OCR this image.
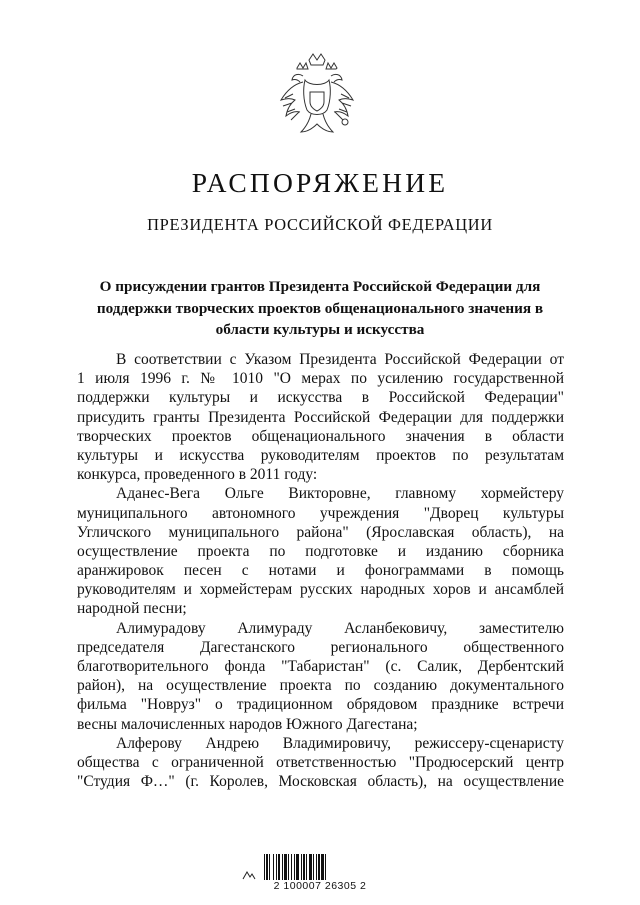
РАСПОРЯЖЕНИЕ
ПРЕЗИДЕНТА РОССИЙСКОЙ ФЕДЕРАЦИИ
О присуждении грантов Президента Российской Федерации для
поддержки творческих проектов общенационального значения в
области культуры и искусства
В соответствии с Указом Президента Российской Федерации от
1 июля 1996 г. № 1010 "О мерах по усилению государственной
поддержки культуры и искусства в Российской Федерации"
присудить гранты Президента Российской Федерации для поддержки
творческих проектов общенационального значения в области
культуры и искусства руководителям проектов по результатам
конкурса, проведенного в 2011 году:
Аданес-Вега Ольге Викторовне, главному хормейстеру
муниципального автономного учреждения "Дворец культуры
Угличского муниципального района" (Ярославская область), на
осуществление проекта по подготовке и изданию сборника
аранжировок песен с нотами и фонограммами в помощь
руководителям и хормейстерам русских народных хоров и ансамблей
народной песни;
Алимурадову Алимураду Асланбековичу, заместителю
председателя Дагестанского регионального общественного
благотворительного фонда "Табаристан" (с. Салик, Дербентский
район), на осуществление проекта по созданию документального
фильма "Новруз" о традиционном обрядовом празднике встречи
весны малочисленных народов Южного Дагестана;
Алферову Андрею Владимировичу, режиссеру-сценаристу
общества с ограниченной ответственностью "Продюсерский центр
"Студия Ф…" (г. Королев, Московская область), на осуществление
2 100007 26305 2
